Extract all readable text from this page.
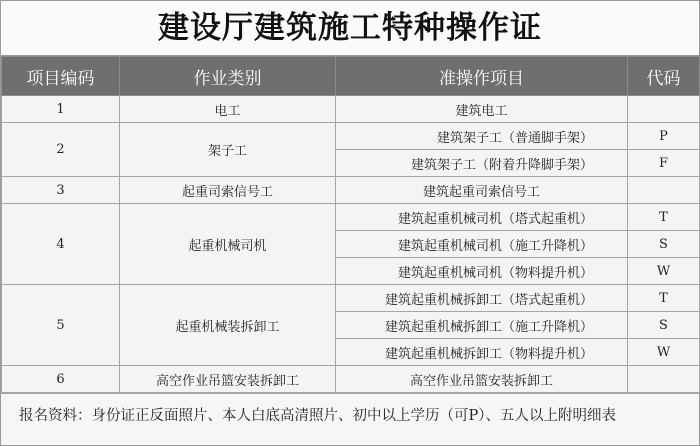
建设厅建筑施工特种操作证
项目编码	作业类别	准操作项目	代码
1	电工	建筑电工	
2	架子工	建筑架子工（普通脚手架）	P
		建筑架子工（附着升降脚手架）	F
3	起重司索信号工	建筑起重司索信号工	
4	起重机械司机	建筑起重机械司机（塔式起重机）	T
		建筑起重机械司机（施工升降机）	S
		建筑起重机械司机（物料提升机）	W
5	起重机械装拆卸工	建筑起重机械拆卸工（塔式起重机）	T
		建筑起重机械拆卸工（施工升降机）	S
		建筑起重机械拆卸工（物料提升机）	W
6	高空作业吊篮安装拆卸工	高空作业吊篮安装拆卸工	
报名资料：身份证正反面照片、本人白底高清照片、初中以上学历（可P）、五人以上附明细表
